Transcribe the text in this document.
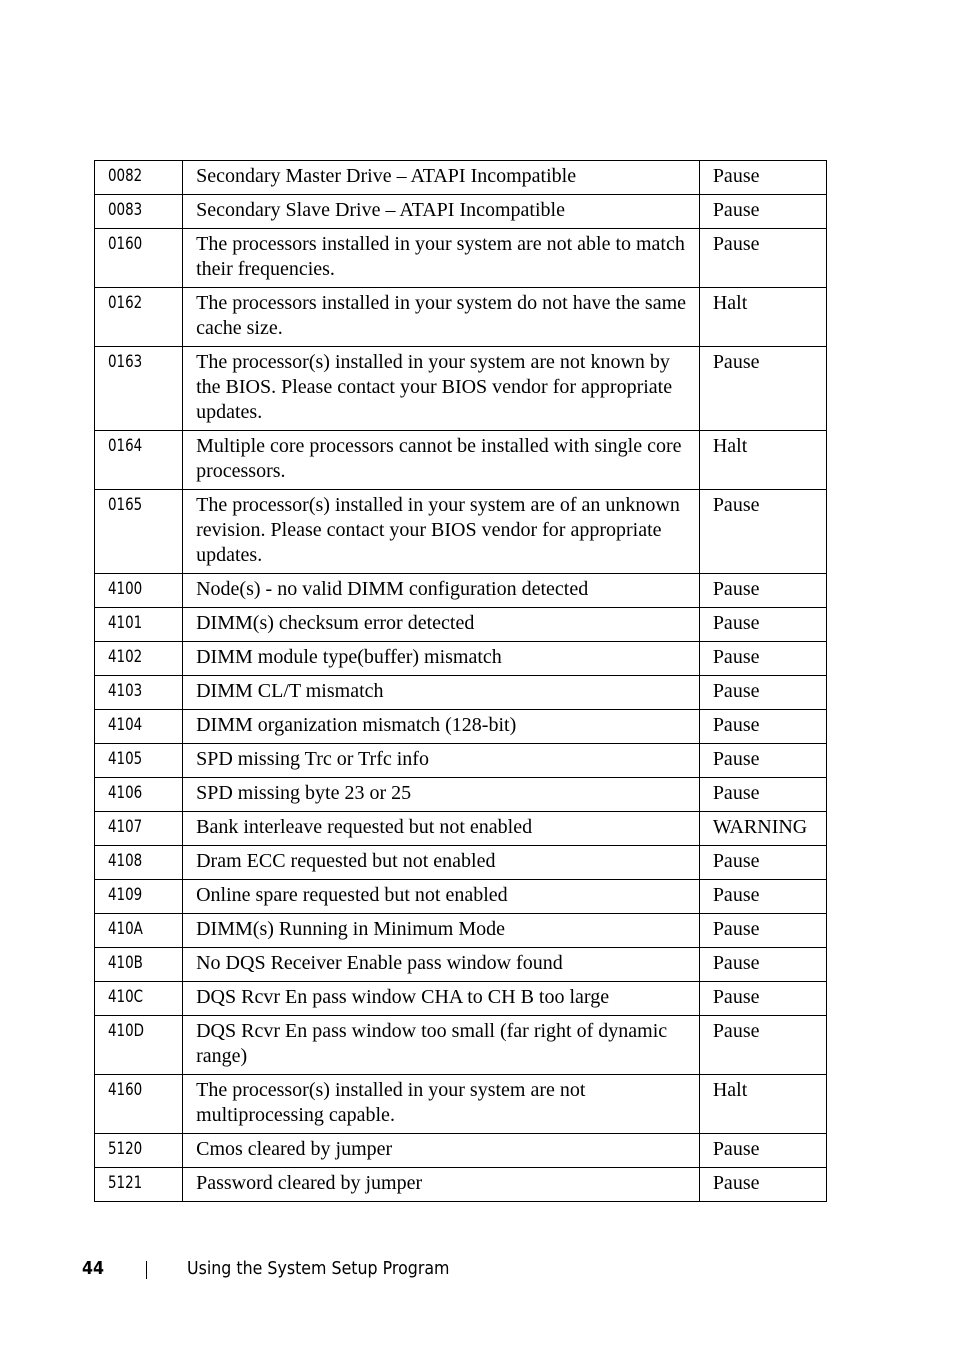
0082	Secondary Master Drive – ATAPI Incompatible	Pause
0083	Secondary Slave Drive – ATAPI Incompatible	Pause
0160	The processors installed in your system are not able to match their frequencies.	Pause
0162	The processors installed in your system do not have the same cache size.	Halt
0163	The processor(s) installed in your system are not known by the BIOS. Please contact your BIOS vendor for appropriate updates.	Pause
0164	Multiple core processors cannot be installed with single core processors.	Halt
0165	The processor(s) installed in your system are of an unknown revision. Please contact your BIOS vendor for appropriate updates.	Pause
4100	Node(s) - no valid DIMM configuration detected	Pause
4101	DIMM(s) checksum error detected	Pause
4102	DIMM module type(buffer) mismatch	Pause
4103	DIMM CL/T mismatch	Pause
4104	DIMM organization mismatch (128-bit)	Pause
4105	SPD missing Trc or Trfc info	Pause
4106	SPD missing byte 23 or 25	Pause
4107	Bank interleave requested but not enabled	WARNING
4108	Dram ECC requested but not enabled	Pause
4109	Online spare requested but not enabled	Pause
410A	DIMM(s) Running in Minimum Mode	Pause
410B	No DQS Receiver Enable pass window found	Pause
410C	DQS Rcvr En pass window CHA to CH B too large	Pause
410D	DQS Rcvr En pass window too small (far right of dynamic range)	Pause
4160	The processor(s) installed in your system are not multiprocessing capable.	Halt
5120	Cmos cleared by jumper	Pause
5121	Password cleared by jumper	Pause
44	Using the System Setup Program
